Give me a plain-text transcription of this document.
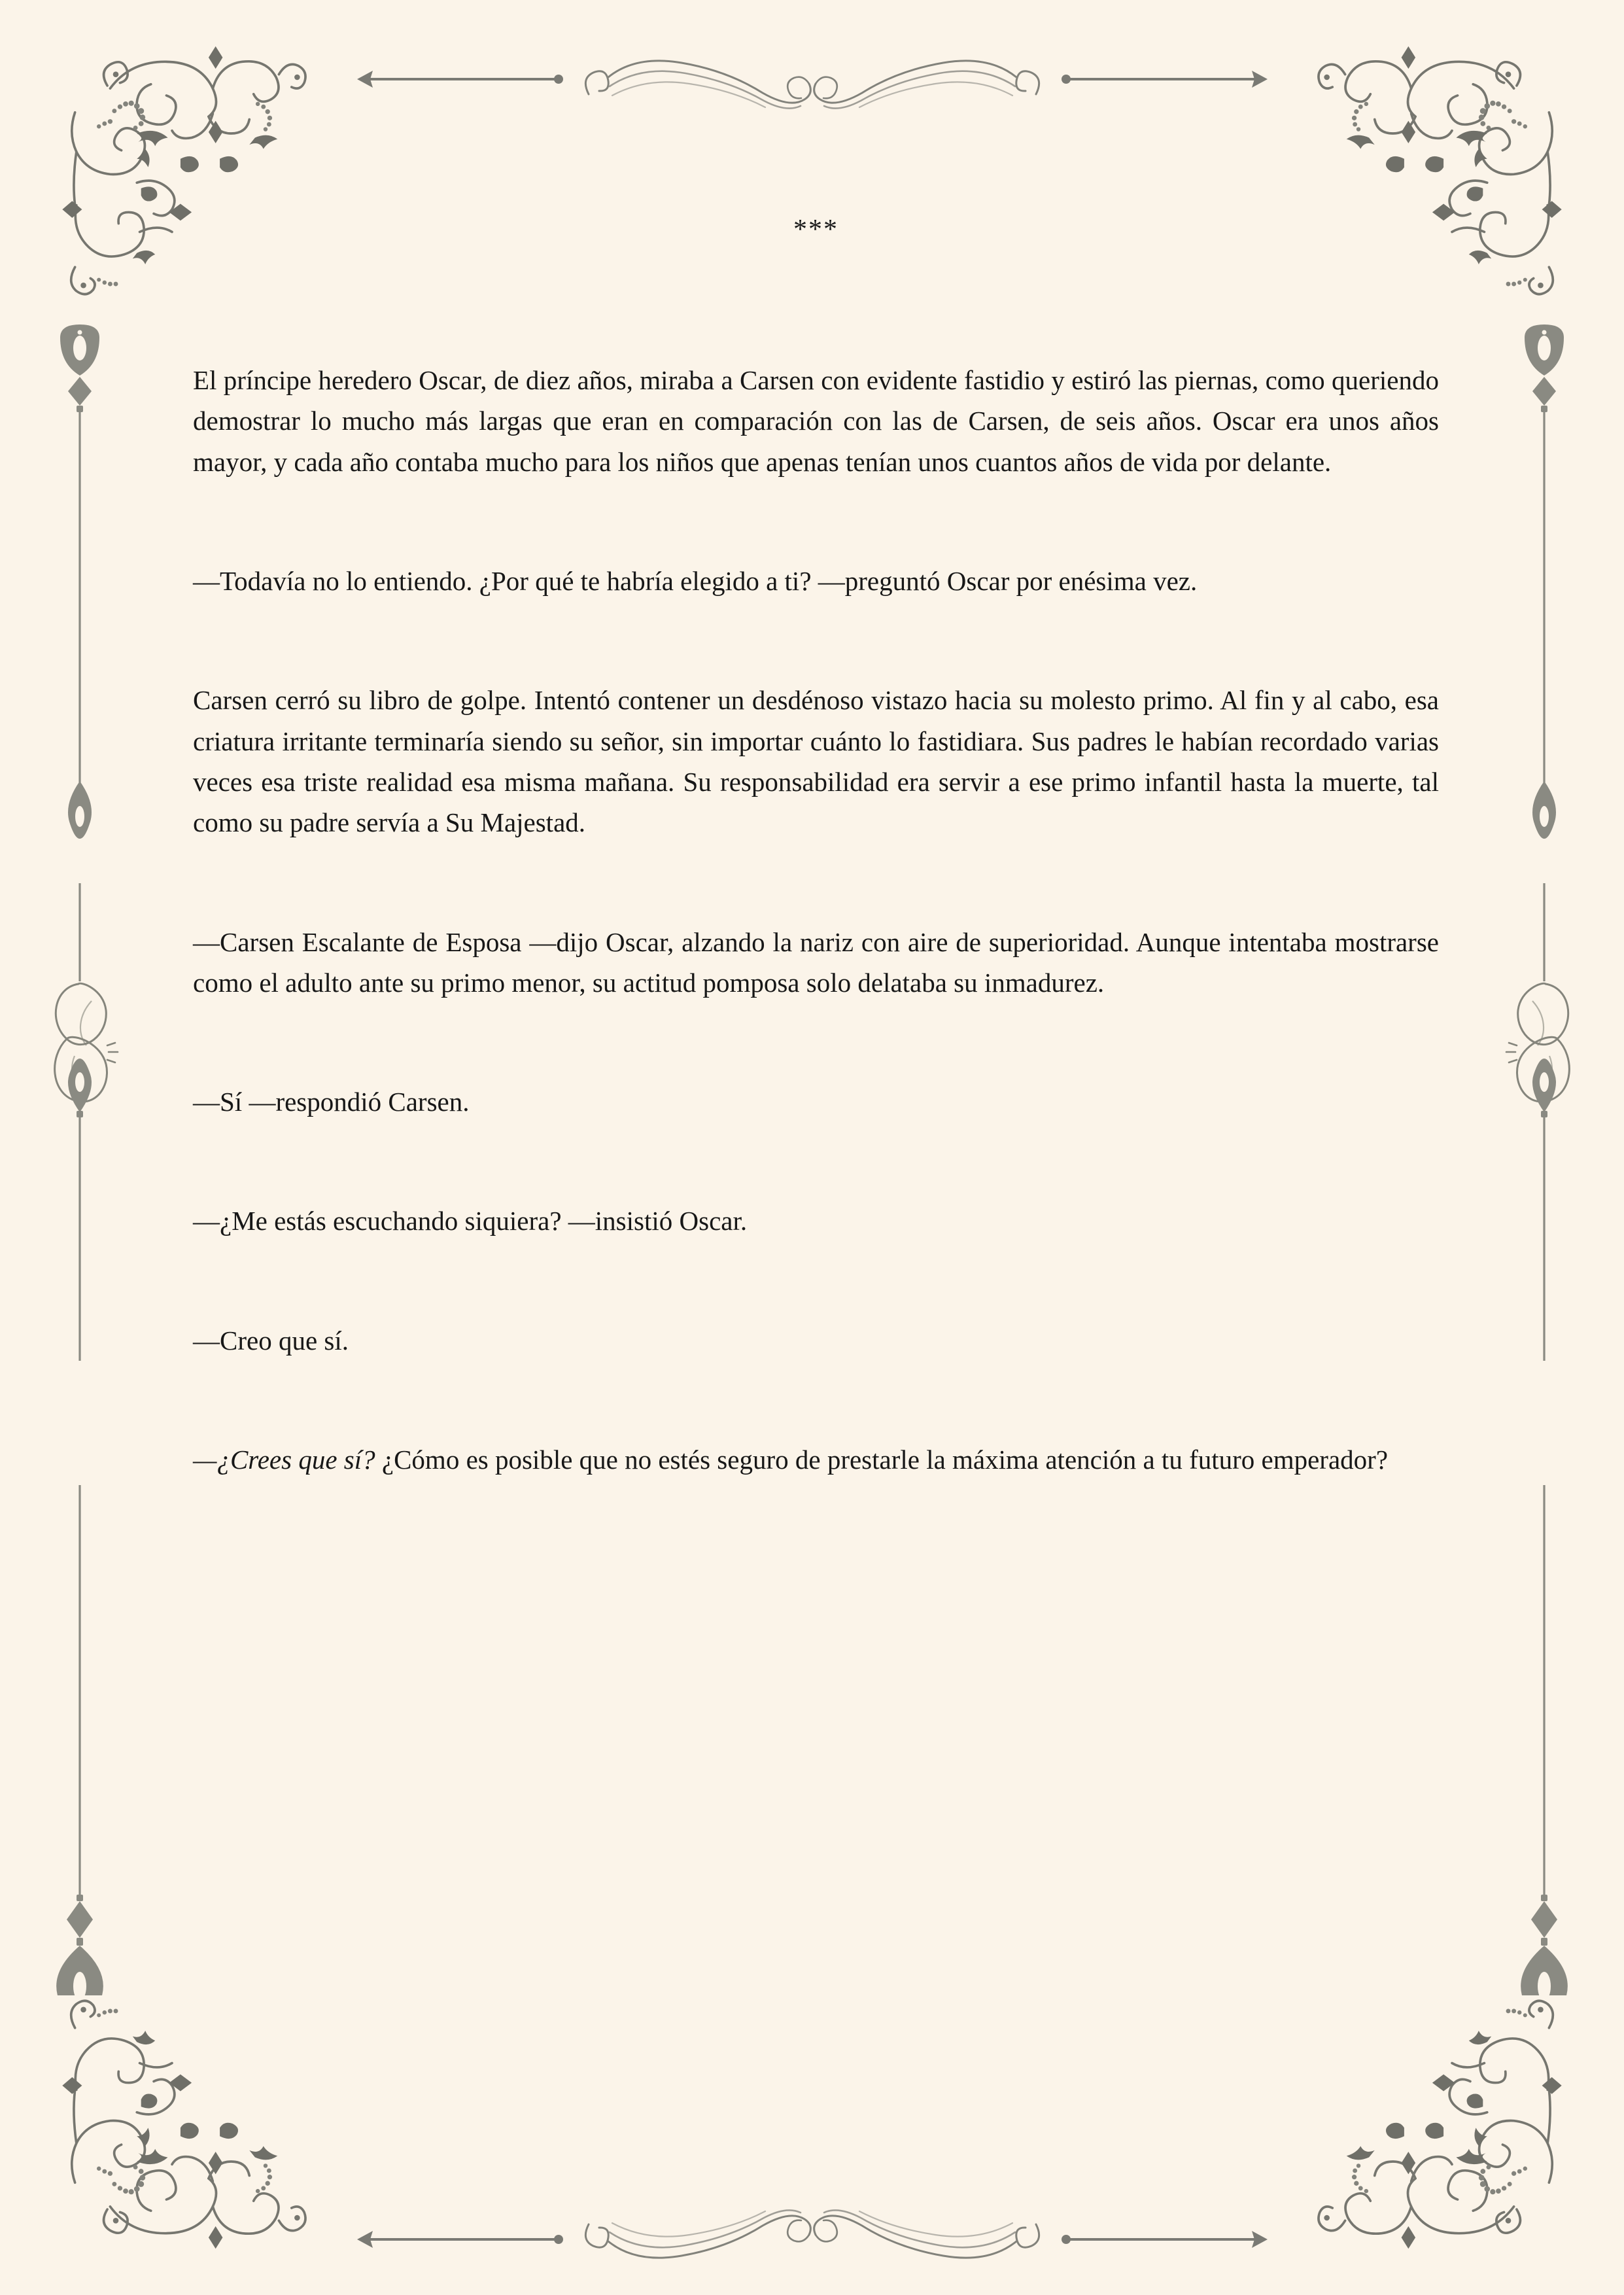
***

El príncipe heredero Oscar, de diez años, miraba a Carsen con evidente fastidio y estiró las piernas, como queriendo demostrar lo mucho más largas que eran en comparación con las de Carsen, de seis años. Oscar era unos años mayor, y cada año contaba mucho para los niños que apenas tenían unos cuantos años de vida por delante.

—Todavía no lo entiendo. ¿Por qué te habría elegido a ti? —preguntó Oscar por enésima vez.

Carsen cerró su libro de golpe. Intentó contener un desdénoso vistazo hacia su molesto primo. Al fin y al cabo, esa criatura irritante terminaría siendo su señor, sin importar cuánto lo fastidiara. Sus padres le habían recordado varias veces esa triste realidad esa misma mañana. Su responsabilidad era servir a ese primo infantil hasta la muerte, tal como su padre servía a Su Majestad.

—Carsen Escalante de Esposa —dijo Oscar, alzando la nariz con aire de superioridad. Aunque intentaba mostrarse como el adulto ante su primo menor, su actitud pomposa solo delataba su inmadurez.

—Sí —respondió Carsen.

—¿Me estás escuchando siquiera? —insistió Oscar.

—Creo que sí.

—¿Crees que sí? ¿Cómo es posible que no estés seguro de prestarle la máxima atención a tu futuro emperador?
